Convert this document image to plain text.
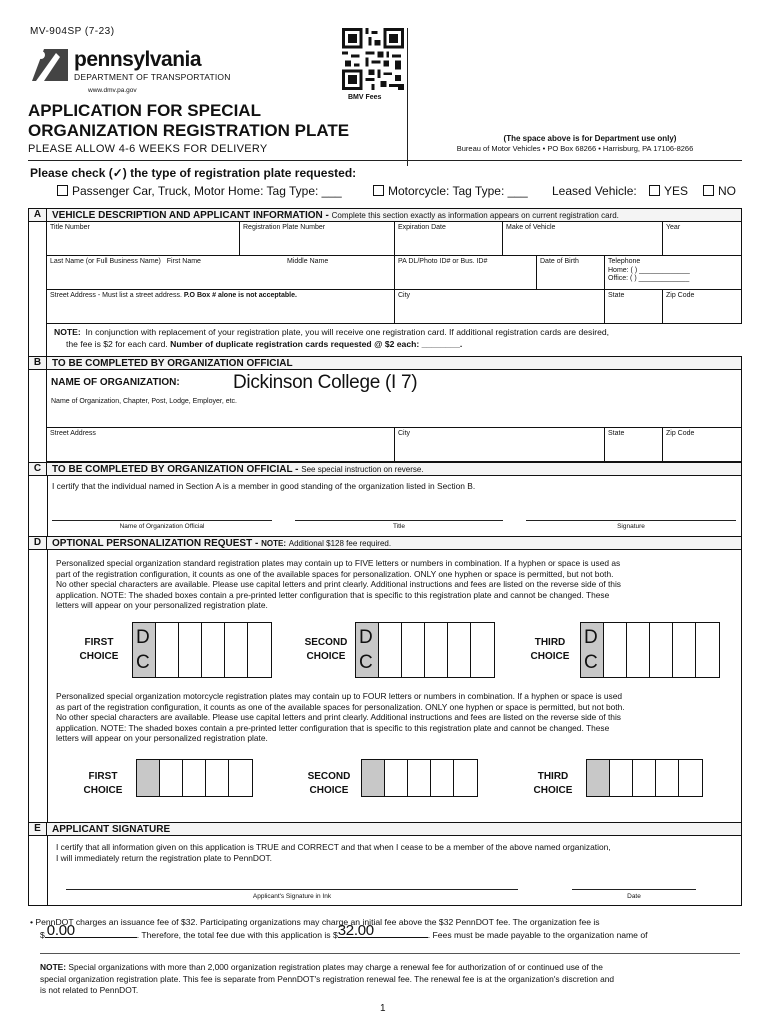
MV-904SP (7-23)
pennsylvania
DEPARTMENT OF TRANSPORTATION
www.dmv.pa.gov
BMV Fees
APPLICATION FOR SPECIAL
ORGANIZATION REGISTRATION PLATE
PLEASE ALLOW 4-6 WEEKS FOR DELIVERY
(The space above is for Department use only)
Bureau of Motor Vehicles • PO Box 68266 • Harrisburg, PA 17106-8266
Please check (✓) the type of registration plate requested:
Passenger Car, Truck, Motor Home: Tag Type: ___	Motorcycle: Tag Type: ___ Leased Vehicle:	YES	NO
A	VEHICLE DESCRIPTION AND APPLICANT INFORMATION - Complete this section exactly as information appears on current registration card.
Title Number	Registration Plate Number	Expiration Date	Make of Vehicle	Year
Last Name (or Full Business Name) First Name	Middle Name	PA DL/Photo ID# or Bus. ID#	Date of Birth	Telephone
Home: ( ) _____________
Office: ( ) _____________
Street Address - Must list a street address. P.O Box # alone is not acceptable.	City	State	Zip Code
NOTE: In conjunction with replacement of your registration plate, you will receive one registration card. If additional registration cards are desired,
the fee is $2 for each card. Number of duplicate registration cards requested @ $2 each: ________.
B	TO BE COMPLETED BY ORGANIZATION OFFICIAL
NAME OF ORGANIZATION:	Dickinson College (I 7)
Name of Organization, Chapter, Post, Lodge, Employer, etc.
Street Address	City	State	Zip Code
C	TO BE COMPLETED BY ORGANIZATION OFFICIAL - See special instruction on reverse.
I certify that the individual named in Section A is a member in good standing of the organization listed in Section B.
Name of Organization Official	Title	Signature
D	OPTIONAL PERSONALIZATION REQUEST - NOTE: Additional $128 fee required.
Personalized special organization standard registration plates may contain up to FIVE letters or numbers in combination. If a hyphen or space is used as
part of the registration configuration, it counts as one of the available spaces for personalization. ONLY one hyphen or space is permitted, but not both.
No other special characters are available. Please use capital letters and print clearly. Additional instructions and fees are listed on the reverse side of this
application. NOTE: The shaded boxes contain a pre-printed letter configuration that is specific to this registration plate and cannot be changed. These
letters will appear on your personalized registration plate.
FIRST
CHOICE
D
C
SECOND
CHOICE
D
C
THIRD
CHOICE
D
C
Personalized special organization motorcycle registration plates may contain up to FOUR letters or numbers in combination. If a hyphen or space is used
as part of the registration configuration, it counts as one of the available spaces for personalization. ONLY one hyphen or space is permitted, but not both.
No other special characters are available. Please use capital letters and print clearly. Additional instructions and fees are listed on the reverse side of this
application. NOTE: The shaded boxes contain a pre-printed letter configuration that is specific to this registration plate and cannot be changed. These
letters will appear on your personalized registration plate.
FIRST
CHOICE
SECOND
CHOICE
THIRD
CHOICE
E	APPLICANT SIGNATURE
I certify that all information given on this application is TRUE and CORRECT and that when I cease to be a member of the above named organization,
I will immediately return the registration plate to PennDOT.
Applicant's Signature in Ink	Date
• PennDOT charges an issuance fee of $32. Participating organizations may charge an initial fee above the $32 PennDOT fee. The organization fee is
$ 0.00	. Therefore, the total fee due with this application is $ 32.00	. Fees must be made payable to the organization name of
NOTE: Special organizations with more than 2,000 organization registration plates may charge a renewal fee for authorization of or continued use of the
special organization registration plate. This fee is separate from PennDOT's registration renewal fee. The renewal fee is at the organization's discretion and
is not related to PennDOT.
1
